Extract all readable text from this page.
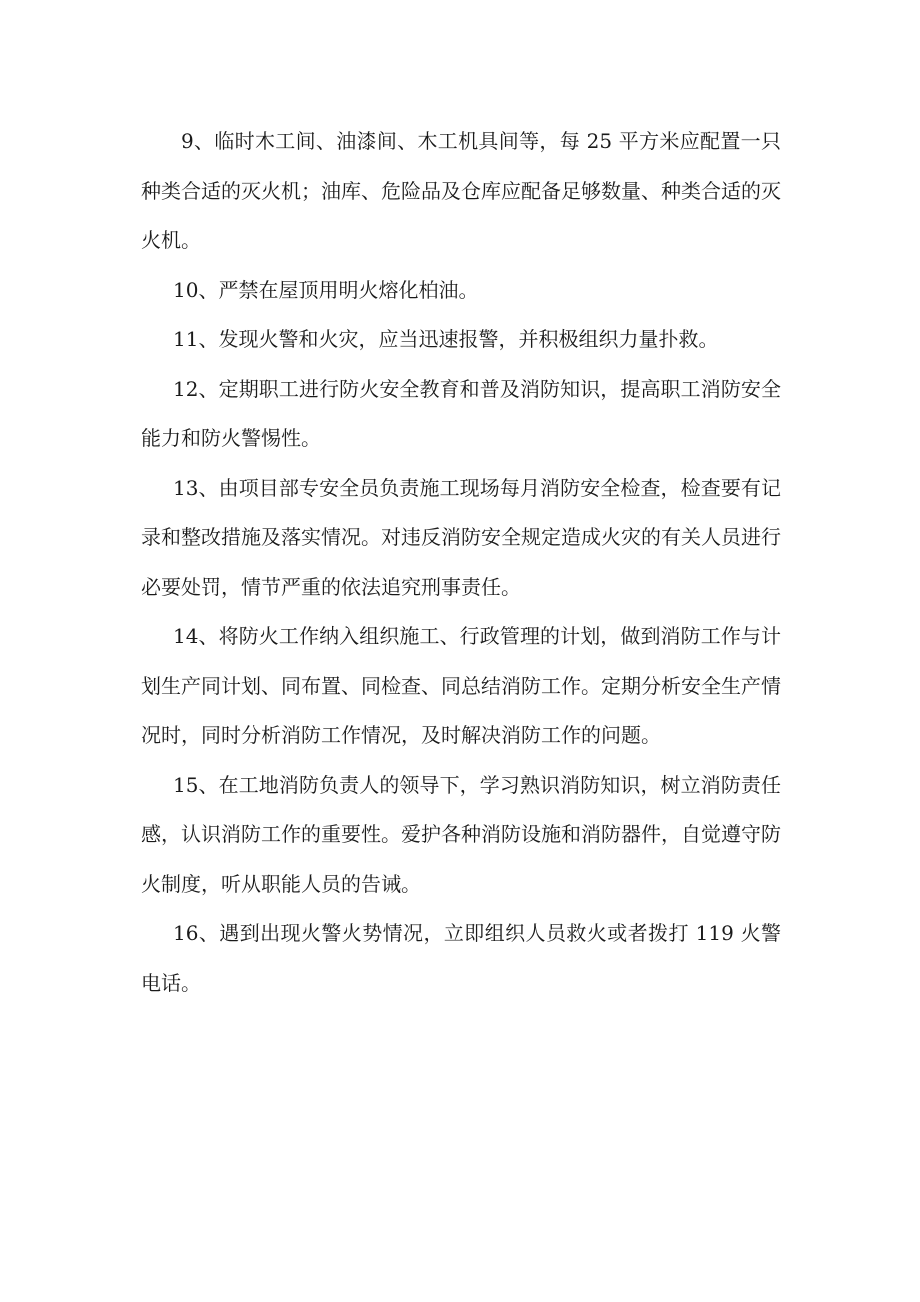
9、临时木工间、油漆间、木工机具间等，每 25 平方米应配置一只种类合适的灭火机；油库、危险品及仓库应配备足够数量、种类合适的灭火机。

10、严禁在屋顶用明火熔化柏油。

11、发现火警和火灾，应当迅速报警，并积极组织力量扑救。

12、定期职工进行防火安全教育和普及消防知识，提高职工消防安全能力和防火警惕性。

13、由项目部专安全员负责施工现场每月消防安全检查，检查要有记录和整改措施及落实情况。对违反消防安全规定造成火灾的有关人员进行必要处罚，情节严重的依法追究刑事责任。

14、将防火工作纳入组织施工、行政管理的计划，做到消防工作与计划生产同计划、同布置、同检查、同总结消防工作。定期分析安全生产情况时，同时分析消防工作情况，及时解决消防工作的问题。

15、在工地消防负责人的领导下，学习熟识消防知识，树立消防责任感，认识消防工作的重要性。爱护各种消防设施和消防器件，自觉遵守防火制度，听从职能人员的告诫。

16、遇到出现火警火势情况，立即组织人员救火或者拨打 119 火警电话。
